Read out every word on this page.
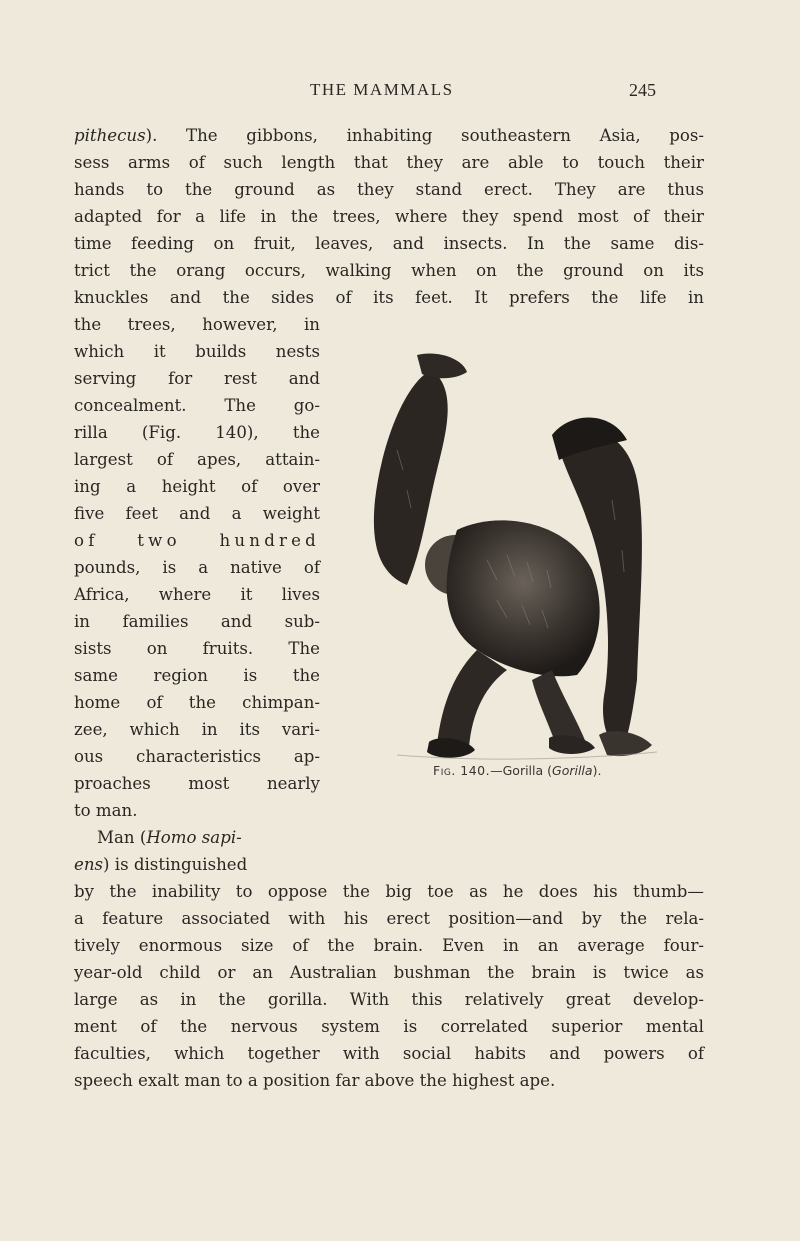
THE MAMMALS	245
pithecus). The gibbons, inhabiting southeastern Asia, pos-
sess arms of such length that they are able to touch their
hands to the ground as they stand erect. They are thus
adapted for a life in the trees, where they spend most of their
time feeding on fruit, leaves, and insects. In the same dis-
trict the orang occurs, walking when on the ground on its
knuckles and the sides of its feet. It prefers the life in
the trees, however, in
which it builds nests
serving for rest and
concealment. The go-
rilla (Fig. 140), the
largest of apes, attain-
ing a height of over
five feet and a weight
of two hundred
pounds, is a native of
Africa, where it lives
in families and sub-
sists on fruits. The
same region is the
home of the chimpan-
zee, which in its vari-
ous characteristics ap-
proaches most nearly
to man.
Man (Homo sapi-
ens) is distinguished
by the inability to oppose the big toe as he does his thumb—
a feature associated with his erect position—and by the rela-
tively enormous size of the brain. Even in an average four-
year-old child or an Australian bushman the brain is twice as
large as in the gorilla. With this relatively great develop-
ment of the nervous system is correlated superior mental
faculties, which together with social habits and powers of
speech exalt man to a position far above the highest ape.
Fig. 140.—Gorilla (Gorilla).
